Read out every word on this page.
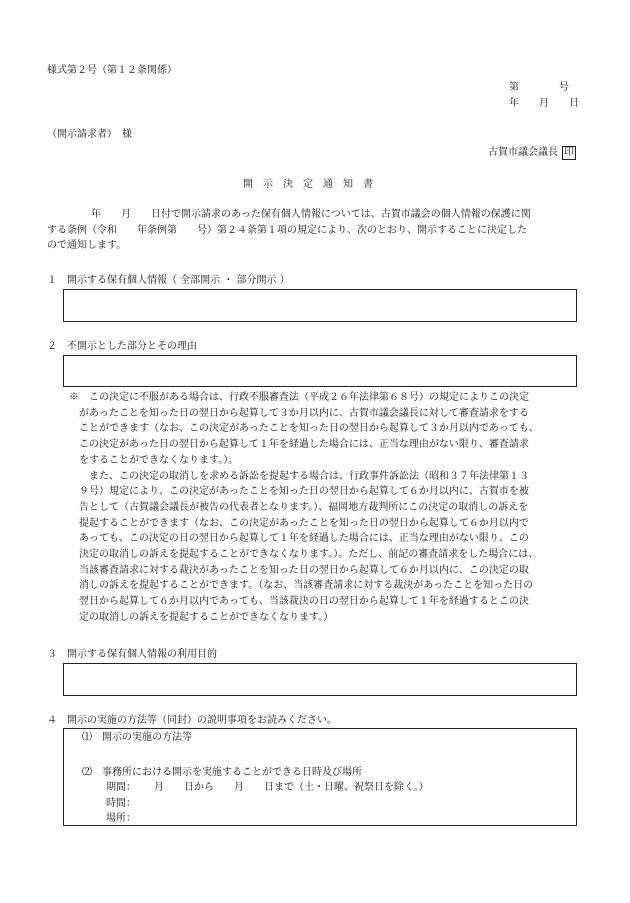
様式第２号（第１２条関係）
第　　　　号
年　　月　　日
（開示請求者）　様
古賀市議会議長 印
開　示　決　定　通　知　書
年　　月　　日付で開示請求のあった保有個人情報については、古賀市議会の個人情報の保護に関
する条例（令和　　年条例第　　号）第２４条第１項の規定により、次のとおり、開示することに決定した
ので通知します。
１　開示する保有個人情報（ 全部開示 ・ 部分開示 ）
２　不開示とした部分とその理由
※　この決定に不服がある場合は、行政不服審査法（平成２６年法律第６８号）の規定によりこの決定
があったことを知った日の翌日から起算して３か月以内に、古賀市議会議長に対して審査請求をする
ことができます（なお、この決定があったことを知った日の翌日から起算して３か月以内であっても、
この決定があった日の翌日から起算して１年を経過した場合には、正当な理由がない限り、審査請求
をすることができなくなります。）。
また、この決定の取消しを求める訴訟を提起する場合は、行政事件訴訟法（昭和３７年法律第１３
９号）規定により、この決定があったことを知った日の翌日から起算して６か月以内に、古賀市を被
告として（古賀議会議長が被告の代表者となります。）、福岡地方裁判所にこの決定の取消しの訴えを
提起することができます（なお、この決定があったことを知った日の翌日から起算して６か月以内で
あっても、この決定の日の翌日から起算して１年を経過した場合には、正当な理由がない限り、この
決定の取消しの訴えを提起することができなくなります。）。ただし、前記の審査請求をした場合には、
当該審査請求に対する裁決があったことを知った日の翌日から起算して６か月以内に、この決定の取
消しの訴えを提起することができます。（なお、当該審査請求に対する裁決があったことを知った日の
翌日から起算して６か月以内であっても、当該裁決の日の翌日から起算して１年を経過するとこの決
定の取消しの訴えを提起することができなくなります。）
３　開示する保有個人情報の利用目的
４　開示の実施の方法等（同封）の説明事項をお読みください。
⑴　開示の実施の方法等
⑵　事務所における開示を実施することができる日時及び場所
期間： 月　　日から　　月　　日まで（土・日曜、祝祭日を除く。）
時間：
場所：
